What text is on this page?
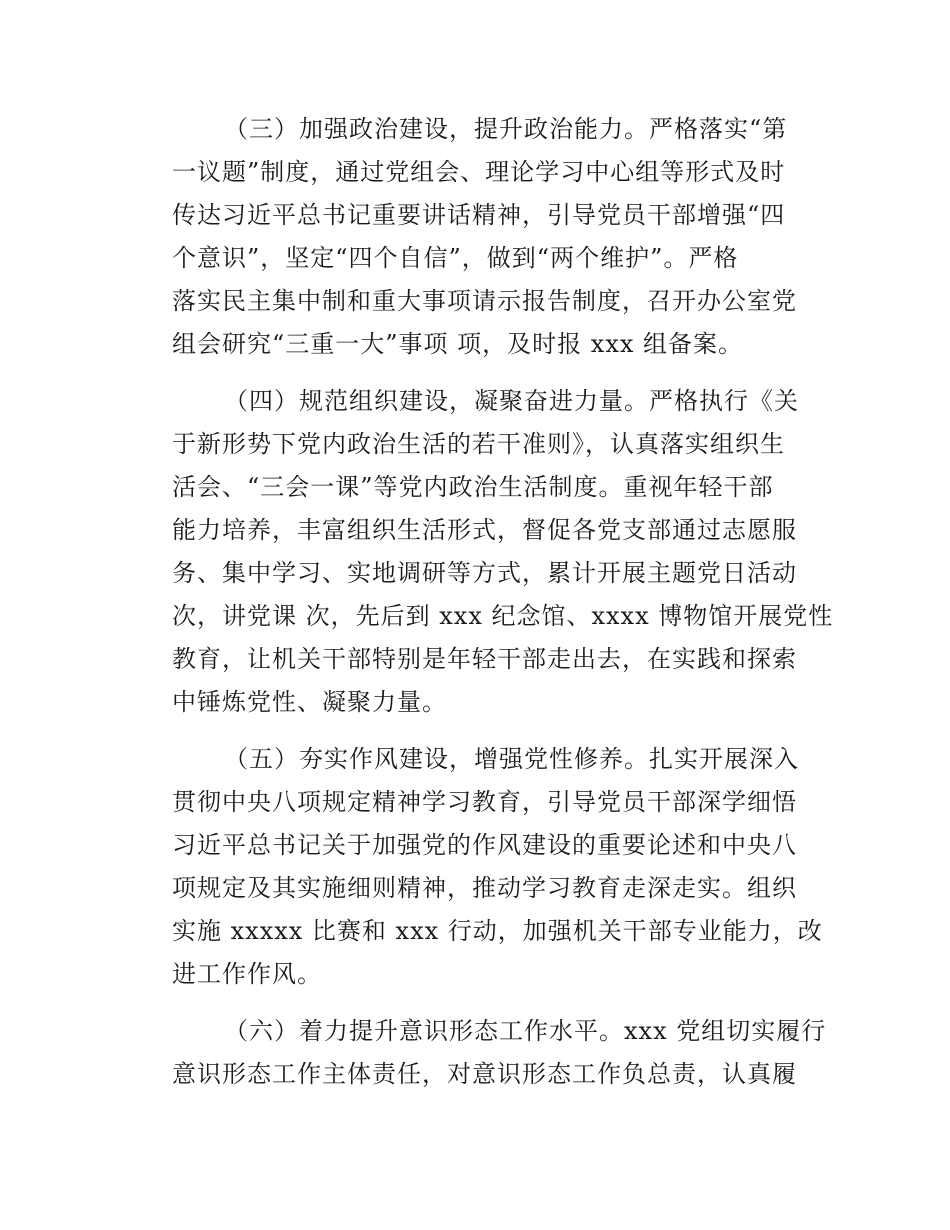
（三）加强政治建设，提升政治能力。严格落实“第
一议题”制度，通过党组会、理论学习中心组等形式及时
传达习近平总书记重要讲话精神，引导党员干部增强“四
个意识”，坚定“四个自信”，做到“两个维护”。严格
落实民主集中制和重大事项请示报告制度，召开办公室党
组会研究“三重一大”事项 项，及时报 xxx 组备案。
（四）规范组织建设，凝聚奋进力量。严格执行《关
于新形势下党内政治生活的若干准则》，认真落实组织生
活会、“三会一课”等党内政治生活制度。重视年轻干部
能力培养，丰富组织生活形式，督促各党支部通过志愿服
务、集中学习、实地调研等方式，累计开展主题党日活动
次，讲党课 次，先后到 xxx 纪念馆、xxxx 博物馆开展党性
教育，让机关干部特别是年轻干部走出去，在实践和探索
中锤炼党性、凝聚力量。
（五）夯实作风建设，增强党性修养。扎实开展深入
贯彻中央八项规定精神学习教育，引导党员干部深学细悟
习近平总书记关于加强党的作风建设的重要论述和中央八
项规定及其实施细则精神，推动学习教育走深走实。组织
实施 xxxxx 比赛和 xxx 行动，加强机关干部专业能力，改
进工作作风。
（六）着力提升意识形态工作水平。xxx 党组切实履行
意识形态工作主体责任，对意识形态工作负总责，认真履
